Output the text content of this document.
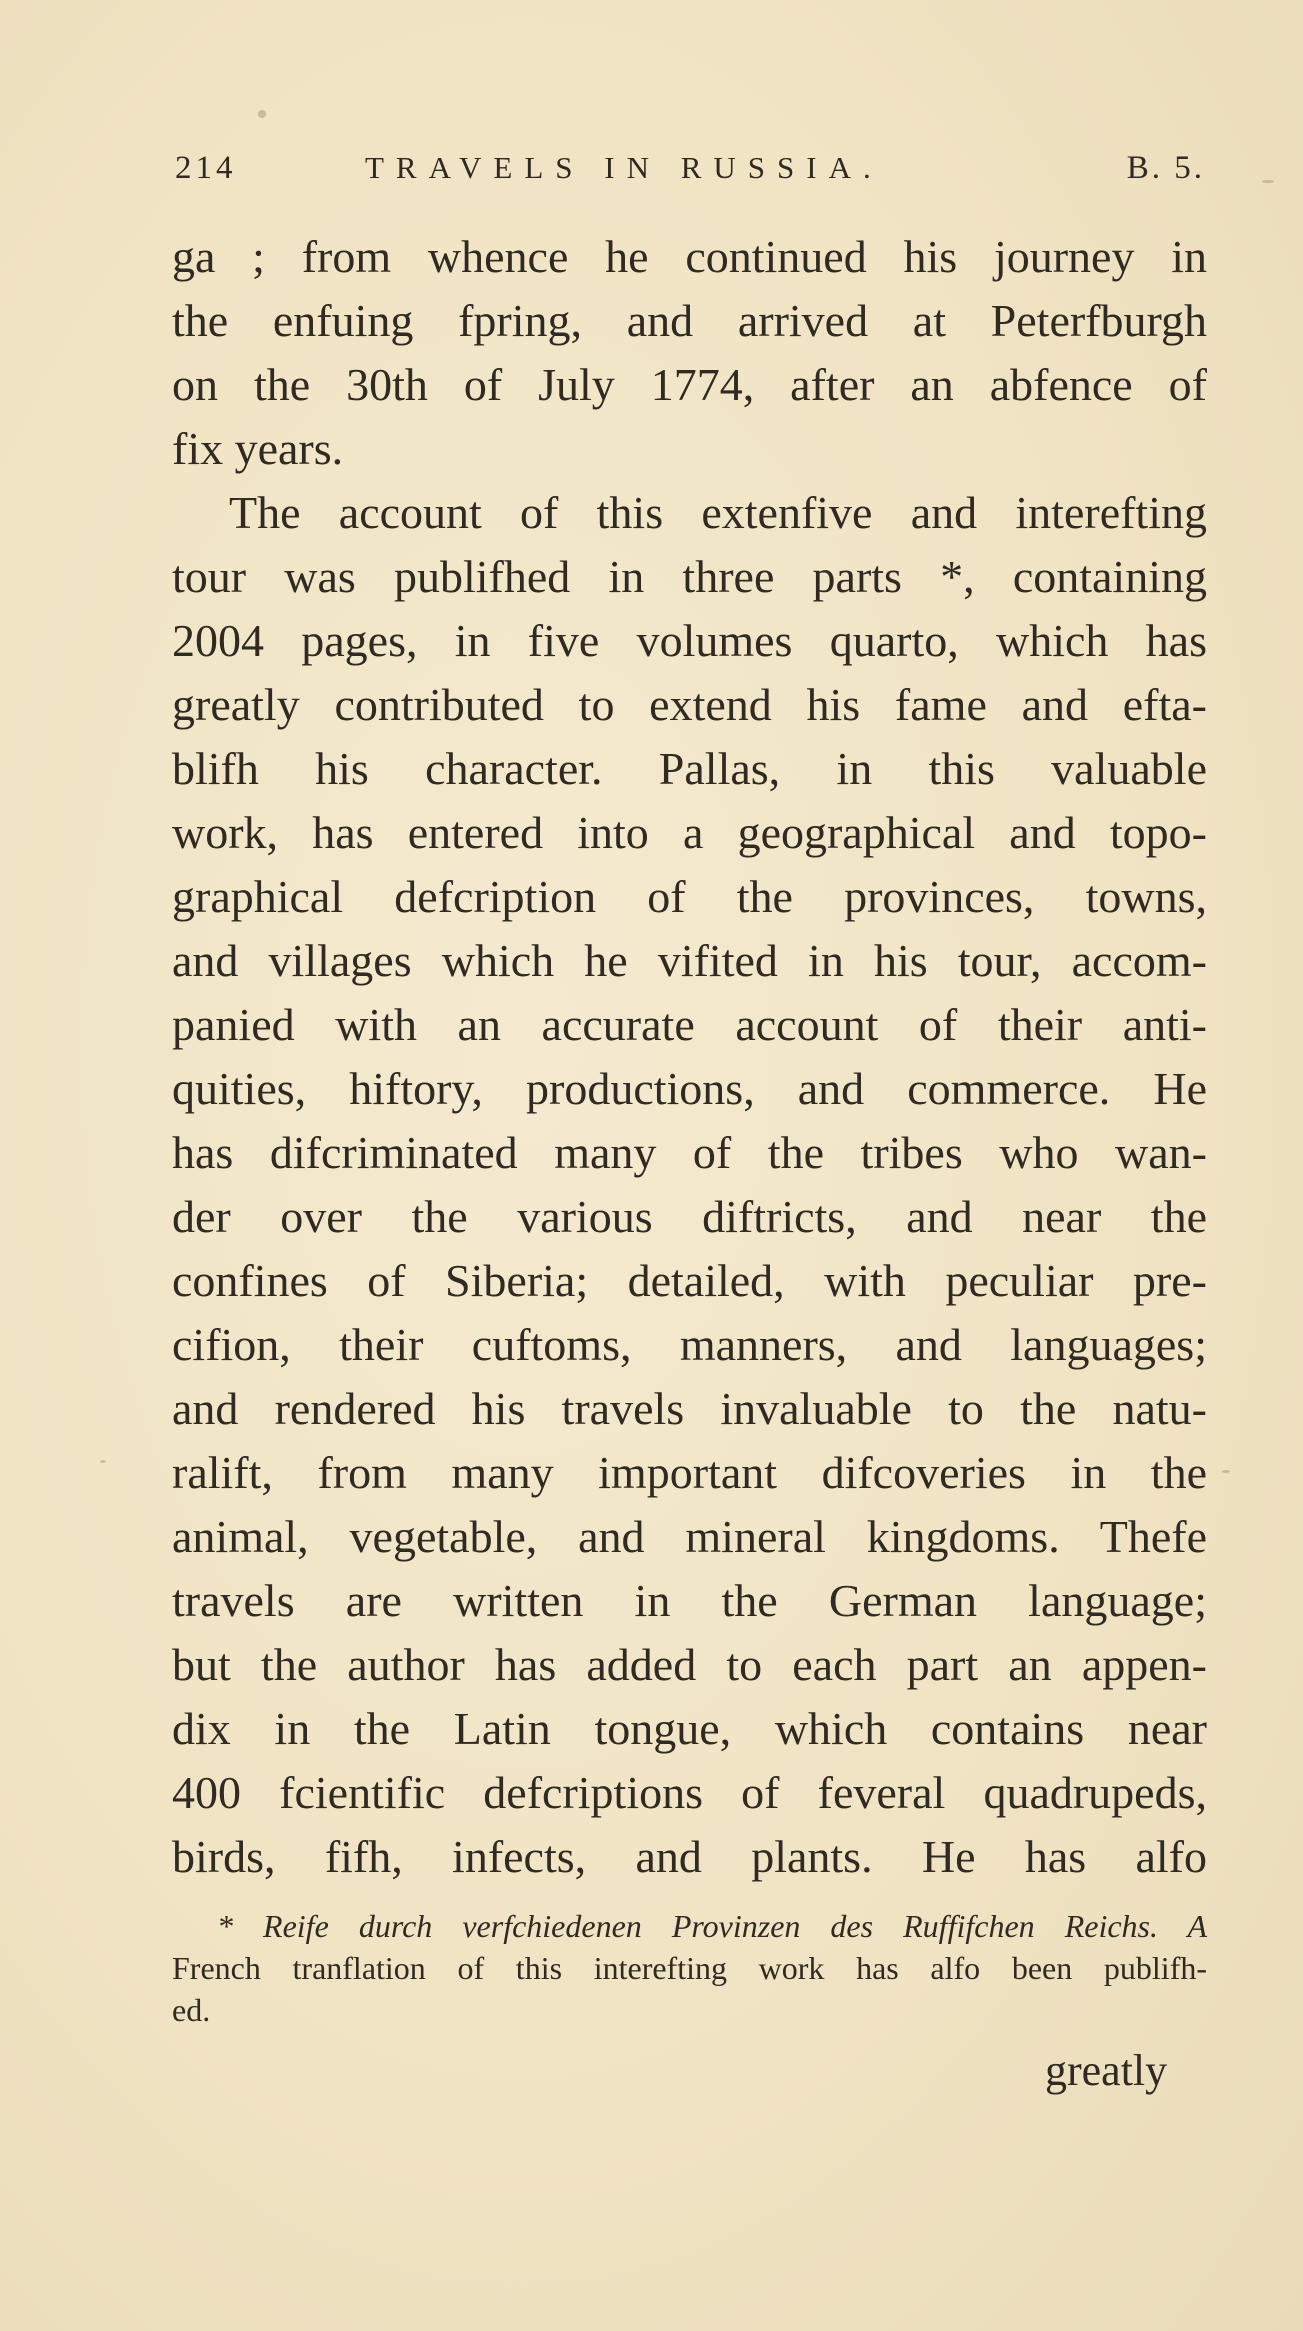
214	TRAVELS IN RUSSIA.	B. 5.
ga ; from whence he continued his journey in
the enfuing fpring, and arrived at Peterfburgh
on the 30th of July 1774, after an abfence of
fix years.
The account of this extenfive and interefting
tour was publifhed in three parts *, containing
2004 pages, in five volumes quarto, which has
greatly contributed to extend his fame and efta-
blifh his character. Pallas, in this valuable
work, has entered into a geographical and topo-
graphical defcription of the provinces, towns,
and villages which he vifited in his tour, accom-
panied with an accurate account of their anti-
quities, hiftory, productions, and commerce. He
has difcriminated many of the tribes who wan-
der over the various diftricts, and near the
confines of Siberia; detailed, with peculiar pre-
cifion, their cuftoms, manners, and languages;
and rendered his travels invaluable to the natu-
ralift, from many important difcoveries in the
animal, vegetable, and mineral kingdoms. Thefe
travels are written in the German language;
but the author has added to each part an appen-
dix in the Latin tongue, which contains near
400 fcientific defcriptions of feveral quadrupeds,
birds, fifh, infects, and plants. He has alfo
* Reife durch verfchiedenen Provinzen des Ruffifchen Reichs. A
French tranflation of this interefting work has alfo been publifh-
ed.
greatly
